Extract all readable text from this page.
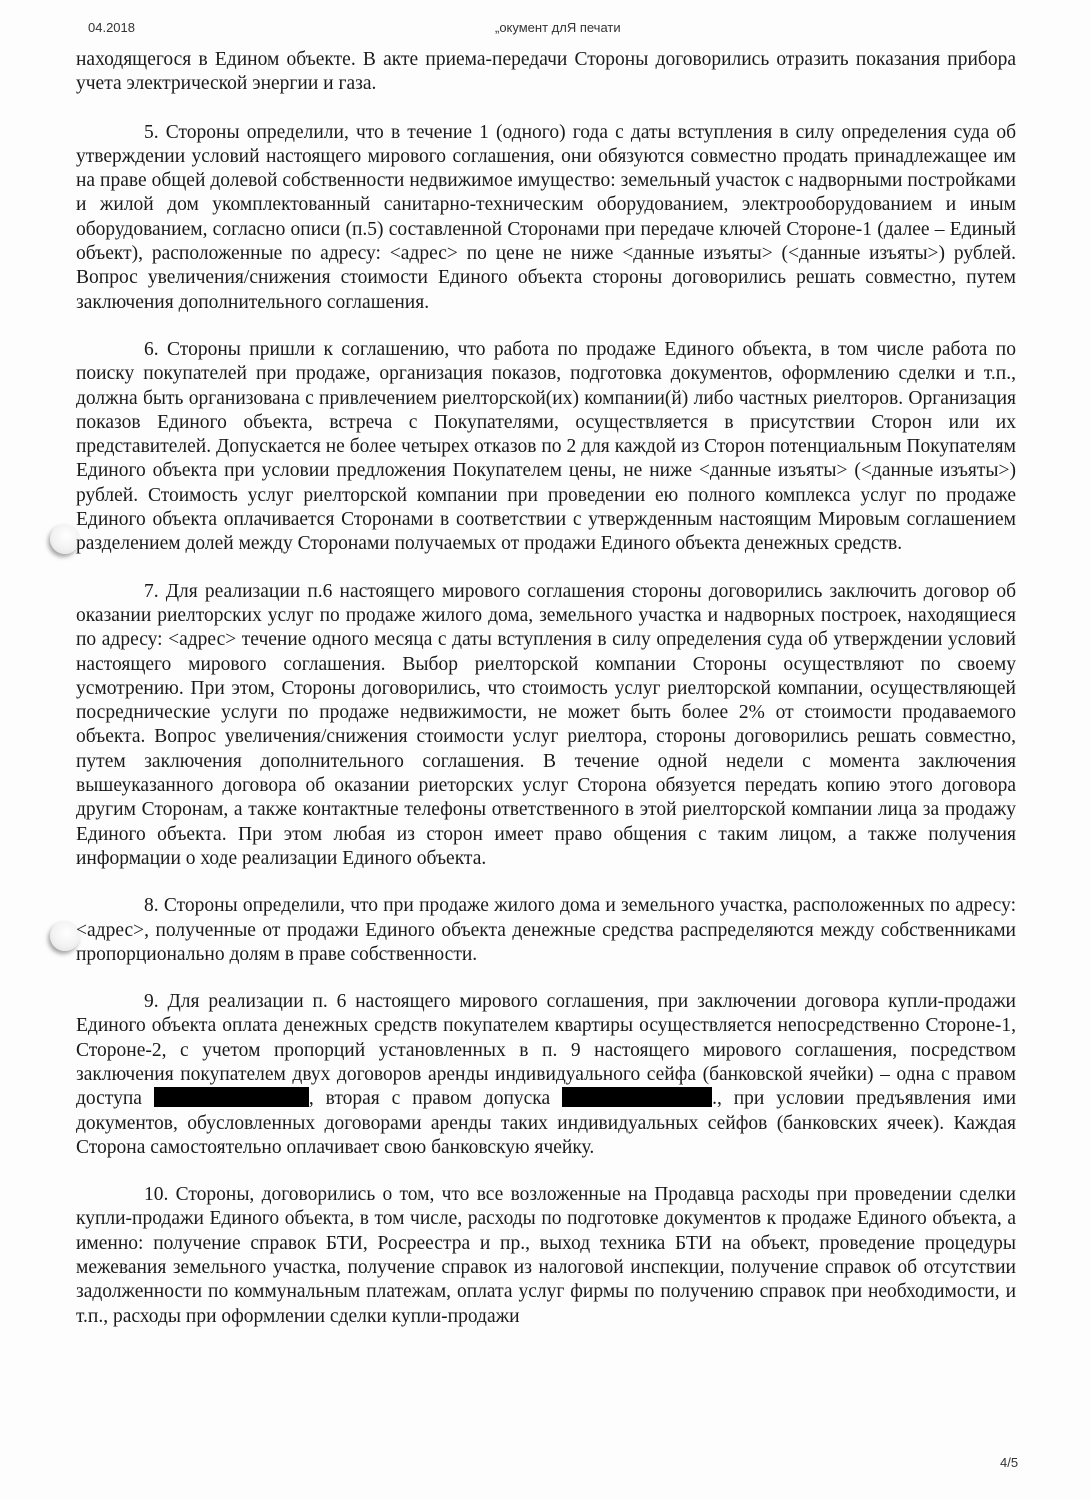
04.2018	„окумент длЯ печати

находящегося в Едином объекте. В акте приема-передачи Стороны договорились отразить показания прибора учета электрической энергии и газа.

5. Стороны определили, что в течение 1 (одного) года с даты вступления в силу определения суда об утверждении условий настоящего мирового соглашения, они обязуются совместно продать принадлежащее им на праве общей долевой собственности недвижимое имущество: земельный участок с надворными постройками и жилой дом укомплектованный санитарно-техническим оборудованием, электрооборудованием и иным оборудованием, согласно описи (п.5) составленной Сторонами при передаче ключей Стороне-1 (далее – Единый объект), расположенные по адресу: <адрес> по цене не ниже <данные изъяты> (<данные изъяты>) рублей. Вопрос увеличения/снижения стоимости Единого объекта стороны договорились решать совместно, путем заключения дополнительного соглашения.

6. Стороны пришли к соглашению, что работа по продаже Единого объекта, в том числе работа по поиску покупателей при продаже, организация показов, подготовка документов, оформлению сделки и т.п., должна быть организована с привлечением риелторской(их) компании(й) либо частных риелторов. Организация показов Единого объекта, встреча с Покупателями, осуществляется в присутствии Сторон или их представителей. Допускается не более четырех отказов по 2 для каждой из Сторон потенциальным Покупателям Единого объекта при условии предложения Покупателем цены, не ниже <данные изъяты> (<данные изъяты>) рублей. Стоимость услуг риелторской компании при проведении ею полного комплекса услуг по продаже Единого объекта оплачивается Сторонами в соответствии с утвержденным настоящим Мировым соглашением разделением долей между Сторонами получаемых от продажи Единого объекта денежных средств.

7. Для реализации п.6 настоящего мирового соглашения стороны договорились заключить договор об оказании риелторских услуг по продаже жилого дома, земельного участка и надворных построек, находящиеся по адресу: <адрес> течение одного месяца с даты вступления в силу определения суда об утверждении условий настоящего мирового соглашения. Выбор риелторской компании Стороны осуществляют по своему усмотрению. При этом, Стороны договорились, что стоимость услуг риелторской компании, осуществляющей посреднические услуги по продаже недвижимости, не может быть более 2% от стоимости продаваемого объекта. Вопрос увеличения/снижения стоимости услуг риелтора, стороны договорились решать совместно, путем заключения дополнительного соглашения. В течение одной недели с момента заключения вышеуказанного договора об оказании риеторских услуг Сторона обязуется передать копию этого договора другим Сторонам, а также контактные телефоны ответственного в этой риелторской компании лица за продажу Единого объекта. При этом любая из сторон имеет право общения с таким лицом, а также получения информации о ходе реализации Единого объекта.

8. Стороны определили, что при продаже жилого дома и земельного участка, расположенных по адресу: <адрес>, полученные от продажи Единого объекта денежные средства распределяются между собственниками пропорционально долям в праве собственности.

9. Для реализации п. 6 настоящего мирового соглашения, при заключении договора купли-продажи Единого объекта оплата денежных средств покупателем квартиры осуществляется непосредственно Стороне-1, Стороне-2, с учетом пропорций установленных в п. 9 настоящего мирового соглашения, посредством заключения покупателем двух договоров аренды индивидуального сейфа (банковской ячейки) – одна с правом доступа	, вторая с правом допуска	., при условии предъявления ими документов, обусловленных договорами аренды таких индивидуальных сейфов (банковских ячеек). Каждая Сторона самостоятельно оплачивает свою банковскую ячейку.

10. Стороны, договорились о том, что все возложенные на Продавца расходы при проведении сделки купли-продажи Единого объекта, в том числе, расходы по подготовке документов к продаже Единого объекта, а именно: получение справок БТИ, Росреестра и пр., выход техника БТИ на объект, проведение процедуры межевания земельного участка, получение справок из налоговой инспекции, получение справок об отсутствии задолженности по коммунальным платежам, оплата услуг фирмы по получению справок при необходимости, и т.п., расходы при оформлении сделки купли-продажи

4/5
